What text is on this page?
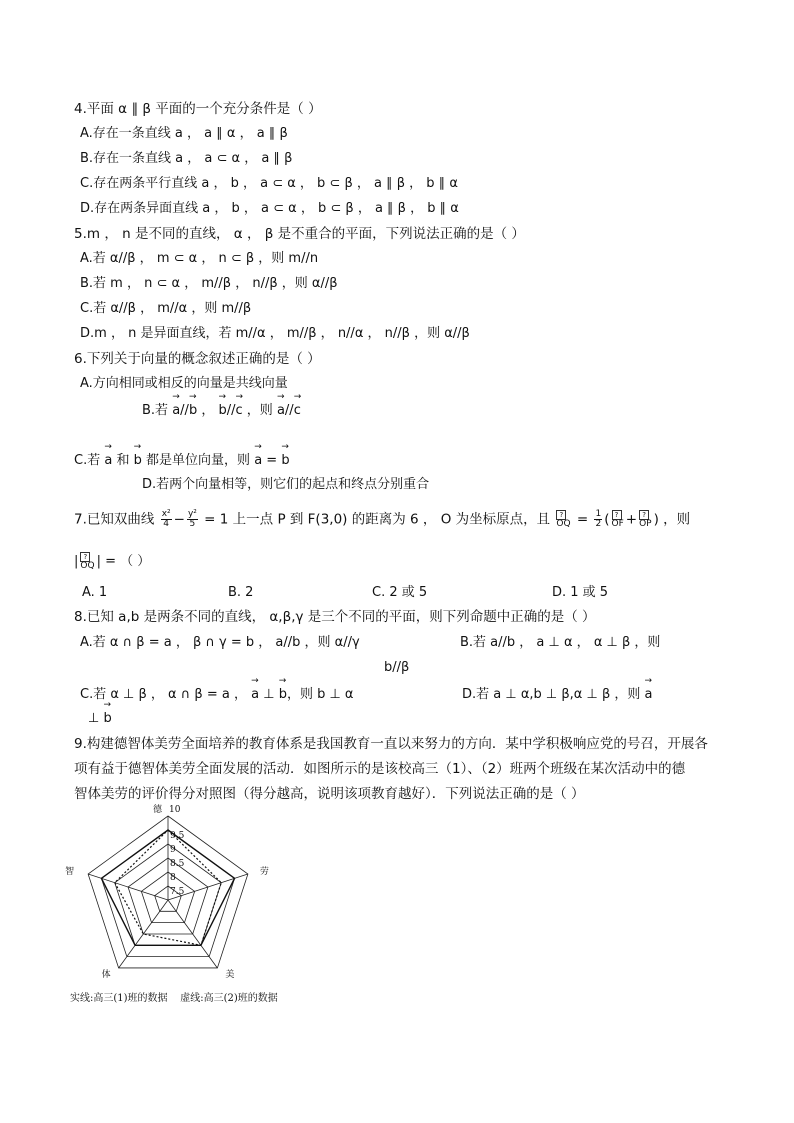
4.平面 α ∥ β 平面的一个充分条件是（ ）
A.存在一条直线 a ， a ∥ α ， a ∥ β
B.存在一条直线 a ， a ⊂ α ， a ∥ β
C.存在两条平行直线 a ， b ， a ⊂ α ， b ⊂ β ， a ∥ β ， b ∥ α
D.存在两条异面直线 a ， b ， a ⊂ α ， b ⊂ β ， a ∥ β ， b ∥ α
5.m ， n 是不同的直线， α ， β 是不重合的平面，下列说法正确的是（ ）
A.若 α//β ， m ⊂ α ， n ⊂ β ，则 m//n
B.若 m ， n ⊂ α ， m//β ， n//β ，则 α//β
C.若 α//β ， m//α ，则 m//β
D.m ， n 是异面直线，若 m//α ， m//β ， n//α ， n//β ，则 α//β
6.下列关于向量的概念叙述正确的是（ ）
A.方向相同或相反的向量是共线向量
B.若 → a//→ b ， → b//→ c ，则 → a//→ c
C.若 → a 和 → b 都是单位向量，则 → a = → b
D.若两个向量相等，则它们的起点和终点分别重合
7.已知双曲线 $\frac{\text{x²}}{4} - \frac{\text{y²}}{5} = 1$ 上一点 P 到 F(3,0) 的距离为 6 ， O 为坐标原点，且 $\frac{?}{OQ} = \frac{1}{2}$ ( $\frac{?}{OF} + \frac{?}{OP}$ ) ，则
| $\frac{?}{OQ}$ | = （ ）
A. 1	B. 2	C. 2 或 5	D. 1 或 5
8.已知 a,b 是两条不同的直线， α,β,γ 是三个不同的平面，则下列命题中正确的是（ ）
A.若 α ∩ β = a ， β ∩ γ = b ， a//b ，则 α//γ	B.若 a//b ， a ⊥ α ， α ⊥ β ，则
b//β
C.若 α ⊥ β ， α ∩ β = a ， → a ⊥ → b，则 b ⊥ α	D.若 a ⊥ α,b ⊥ β,α ⊥ β ，则 → a
⊥ → b
9.构建德智体美劳全面培养的教育体系是我国教育一直以来努力的方向．某中学积极响应党的号召，开展各
项有益于德智体美劳全面发展的活动．如图所示的是该校高三（1）、（2）班两个班级在某次活动中的德
智体美劳的评价得分对照图（得分越高，说明该项教育越好）．下列说法正确的是（ ）
德
劳
美
体
智
10
9.5
9
8.5
8
7.5
实线:高三(1)班的数据 虚线:高三(2)班的数据
